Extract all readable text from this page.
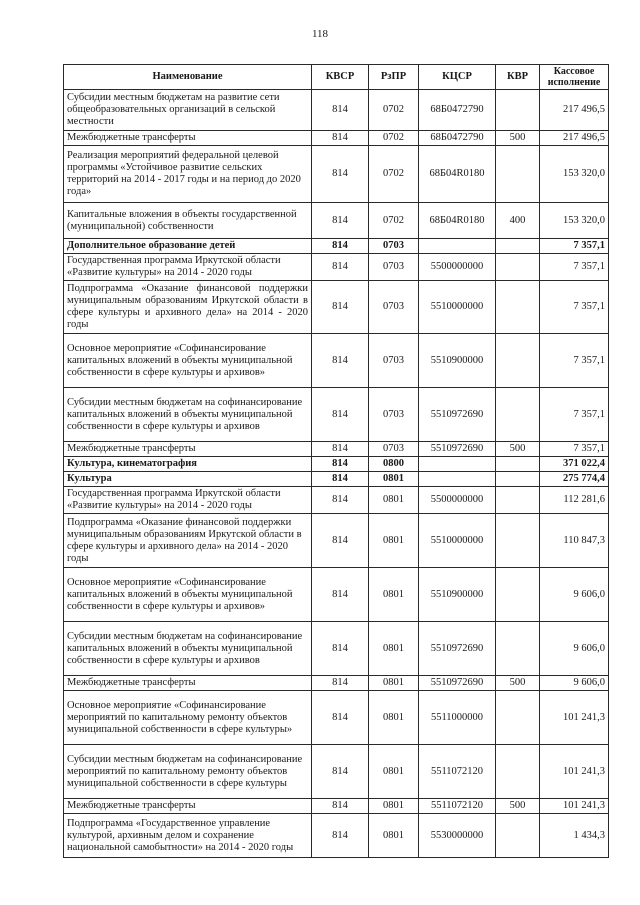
118
Наименование	КВСР	РзПР	КЦСР	КВР	Кассовое исполнение
Субсидии местным бюджетам на развитие сети общеобразовательных организаций в сельской местности	814	0702	68Б0472790		217 496,5
Межбюджетные трансферты	814	0702	68Б0472790	500	217 496,5
Реализация мероприятий федеральной целевой программы «Устойчивое развитие сельских территорий на 2014 - 2017 годы и на период до 2020 года»	814	0702	68Б04R0180		153 320,0
Капитальные вложения в объекты государственной (муниципальной) собственности	814	0702	68Б04R0180	400	153 320,0
Дополнительное образование детей	814	0703			7 357,1
Государственная программа Иркутской области «Развитие культуры» на 2014 - 2020 годы	814	0703	5500000000		7 357,1
Подпрограмма «Оказание финансовой поддержки муниципальным образованиям Иркутской области в сфере культуры и архивного дела» на 2014 - 2020 годы	814	0703	5510000000		7 357,1
Основное мероприятие «Софинансирование капитальных вложений в объекты муниципальной собственности в сфере культуры и архивов»	814	0703	5510900000		7 357,1
Субсидии местным бюджетам на софинансирование капитальных вложений в объекты муниципальной собственности в сфере культуры и архивов	814	0703	5510972690		7 357,1
Межбюджетные трансферты	814	0703	5510972690	500	7 357,1
Культура, кинематография	814	0800			371 022,4
Культура	814	0801			275 774,4
Государственная программа Иркутской области «Развитие культуры» на 2014 - 2020 годы	814	0801	5500000000		112 281,6
Подпрограмма «Оказание финансовой поддержки муниципальным образованиям Иркутской области в сфере культуры и архивного дела» на 2014 - 2020 годы	814	0801	5510000000		110 847,3
Основное мероприятие «Софинансирование капитальных вложений в объекты муниципальной собственности в сфере культуры и архивов»	814	0801	5510900000		9 606,0
Субсидии местным бюджетам на софинансирование капитальных вложений в объекты муниципальной собственности в сфере культуры и архивов	814	0801	5510972690		9 606,0
Межбюджетные трансферты	814	0801	5510972690	500	9 606,0
Основное мероприятие «Софинансирование мероприятий по капитальному ремонту объектов муниципальной собственности в сфере культуры»	814	0801	5511000000		101 241,3
Субсидии местным бюджетам на софинансирование мероприятий по капитальному ремонту объектов муниципальной собственности в сфере культуры	814	0801	5511072120		101 241,3
Межбюджетные трансферты	814	0801	5511072120	500	101 241,3
Подпрограмма «Государственное управление культурой, архивным делом и сохранение национальной самобытности» на 2014 - 2020 годы	814	0801	5530000000		1 434,3
